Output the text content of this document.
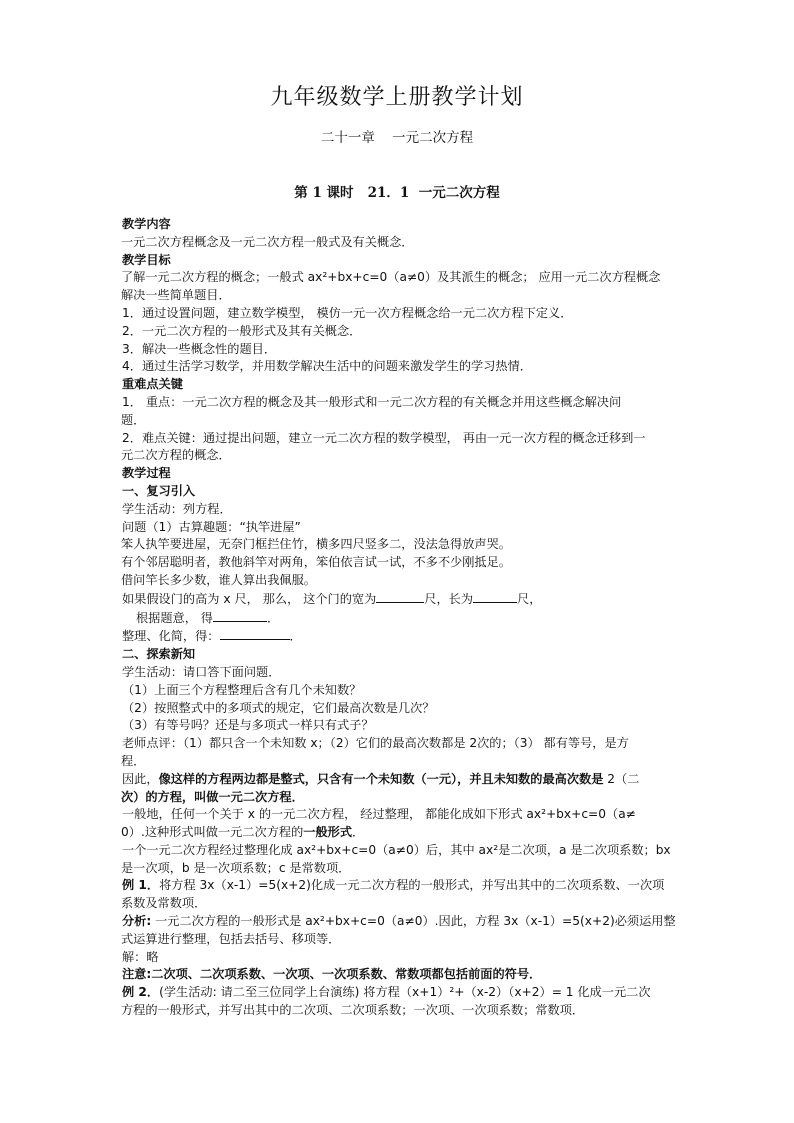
九年级数学上册教学计划
二十一章    一元二次方程
第 1 课时   21．1  一元二次方程

教学内容

一元二次方程概念及一元二次方程一般式及有关概念．

教学目标

了解一元二次方程的概念；一般式 ax²+bx+c=0（a≠0）及其派生的概念； 应用一元二次方程概念

解决一些简单题目．

1．通过设置问题，建立数学模型， 模仿一元一次方程概念给一元二次方程下定义．

2．一元二次方程的一般形式及其有关概念．

3．解决一些概念性的题目．

4．通过生活学习数学，并用数学解决生活中的问题来激发学生的学习热情．

重难点关键

1． 重点：一元二次方程的概念及其一般形式和一元二次方程的有关概念并用这些概念解决问

题．

2．难点关键：通过提出问题，建立一元二次方程的数学模型， 再由一元一次方程的概念迁移到一

元二次方程的概念．

教学过程

一、复习引入

学生活动：列方程．

问题（1）古算趣题：“执竿进屋”

笨人执竿要进屋，无奈门框拦住竹，横多四尺竖多二，没法急得放声哭。

有个邻居聪明者，教他斜竿对两角，笨伯依言试一试，不多不少刚抵足。

借问竿长多少数，谁人算出我佩服。

如果假设门的高为 x 尺， 那么， 这个门的宽为	尺，长为	尺，

根据题意， 得	．

整理、化简，得：	．

二、探索新知

学生活动：请口答下面问题．

（1）上面三个方程整理后含有几个未知数？

（2）按照整式中的多项式的规定，它们最高次数是几次？

（3）有等号吗？还是与多项式一样只有式子？

老师点评：（1）都只含一个未知数 x；（2）它们的最高次数都是 2次的；（3） 都有等号，是方

程．

因此，像这样的方程两边都是整式，只含有一个未知数（一元），并且未知数的最高次数是 2（二

次）的方程，叫做一元二次方程．

一般地，任何一个关于 x 的一元二次方程， 经过整理， 都能化成如下形式 ax²+bx+c=0（a≠

0）.这种形式叫做一元二次方程的一般形式．

一个一元二次方程经过整理化成 ax²+bx+c=0（a≠0）后，其中 ax²是二次项，a 是二次项系数；bx

是一次项，b 是一次项系数；c 是常数项．

例 1．将方程 3x（x-1）=5(x+2)化成一元二次方程的一般形式，并写出其中的二次项系数、一次项

系数及常数项．

分析: 一元二次方程的一般形式是 ax²+bx+c=0（a≠0）.因此，方程 3x（x-1）=5(x+2)必须运用整

式运算进行整理，包括去括号、移项等．

解：略

注意:二次项、二次项系数、一次项、一次项系数、常数项都包括前面的符号．

例 2．(学生活动: 请二至三位同学上台演练) 将方程（x+1）²+（x-2）（x+2）= 1 化成一元二次

方程的一般形式，并写出其中的二次项、二次项系数；一次项、一次项系数；常数项．
